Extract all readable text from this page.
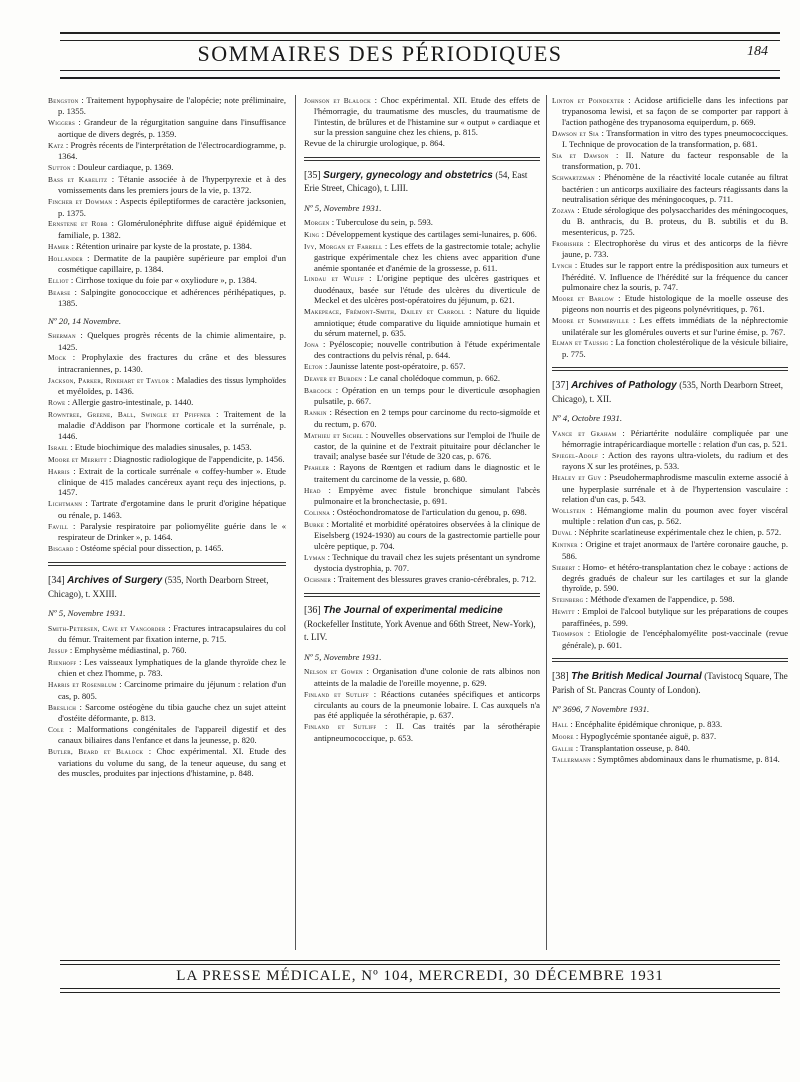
SOMMAIRES DES PÉRIODIQUES	184
Bengston : Traitement hypophysaire de l'alopécie; note préliminaire, p. 1355.
Wiggers : Grandeur de la régurgitation sanguine dans l'insuffisance aortique de divers degrés, p. 1359.
Katz : Progrès récents de l'interprétation de l'électrocardiogramme, p. 1364.
Sutton : Douleur cardiaque, p. 1369.
Bass et Karelitz : Tétanie associée à de l'hyperpyrexie et à des vomissements dans les premiers jours de la vie, p. 1372.
Fincher et Dowman : Aspects épileptiformes de caractère jacksonien, p. 1375.
Ernstene et Robb : Glomérulonéphrite diffuse aiguë épidémique et familiale, p. 1382.
Hamer : Rétention urinaire par kyste de la prostate, p. 1384.
Hollander : Dermatite de la paupière supérieure par emploi d'un cosmétique capillaire, p. 1384.
Elliot : Cirrhose toxique du foie par « oxyliodure », p. 1384.
Bearse : Salpingite gonococcique et adhérences périhépatiques, p. 1385.
Nº 20, 14 Novembre.
Sherman : Quelques progrès récents de la chimie alimentaire, p. 1425.
Mock : Prophylaxie des fractures du crâne et des blessures intracraniennes, p. 1430.
Jackson, Parker, Rinehart et Taylor : Maladies des tissus lymphoïdes et myéloïdes, p. 1436.
Rowe : Allergie gastro-intestinale, p. 1440.
Rowntree, Greene, Ball, Swingle et Pfiffner : Traitement de la maladie d'Addison par l'hormone corticale et la surrénale, p. 1446.
Israel : Etude biochimique des maladies sinusales, p. 1453.
Moore et Merritt : Diagnostic radiologique de l'appendicite, p. 1456.
Harris : Extrait de la corticale surrénale « coffey-humber ». Etude clinique de 415 malades cancéreux ayant reçu des injections, p. 1457.
Lichtmann : Tartrate d'ergotamine dans le prurit d'origine hépatique ou rénale, p. 1463.
Favill : Paralysie respiratoire par poliomyélite guérie dans le « respirateur de Drinker », p. 1464.
Bisgard : Ostéome spécial pour dissection, p. 1465.
[34] Archives of Surgery (535, North Dearborn Street, Chicago), t. XXIII.
Nº 5, Novembre 1931.
Smith-Petersen, Cave et Vangorder : Fractures intracapsulaires du col du fémur. Traitement par fixation interne, p. 715.
Jessup : Emphysème médiastinal, p. 760.
Rienhoff : Les vaisseaux lymphatiques de la glande thyroïde chez le chien et chez l'homme, p. 783.
Harris et Rosenblum : Carcinome primaire du jéjunum : relation d'un cas, p. 805.
Breslich : Sarcome ostéogène du tibia gauche chez un sujet atteint d'ostéite déformante, p. 813.
Cole : Malformations congénitales de l'appareil digestif et des canaux biliaires dans l'enfance et dans la jeunesse, p. 820.
Butler, Beard et Blalock : Choc expérimental. XI. Etude des variations du volume du sang, de la teneur aqueuse, du sang et des muscles, produites par injections d'histamine, p. 848.
Johnson et Blalock : Choc expérimental. XII. Etude des effets de l'hémorragie, du traumatisme des muscles, du traumatisme de l'intestin, de brûlures et de l'histamine sur « output » cardiaque et sur la pression sanguine chez les chiens, p. 815.
Revue de la chirurgie urologique, p. 864.
[35] Surgery, gynecology and obstetrics (54, East Erie Street, Chicago), t. LIII.
Nº 5, Novembre 1931.
Morgen : Tuberculose du sein, p. 593.
King : Développement kystique des cartilages semi-lunaires, p. 606.
Ivy, Morgan et Farrell : Les effets de la gastrectomie totale; achylie gastrique expérimentale chez les chiens avec apparition d'une anémie spontanée et d'anémie de la grossesse, p. 611.
Lindau et Wulff : L'origine peptique des ulcères gastriques et duodénaux, basée sur l'étude des ulcères du diverticule de Meckel et des ulcères post-opératoires du jéjunum, p. 621.
Makepeace, Frémont-Smith, Dailey et Carroll : Nature du liquide amniotique; étude comparative du liquide amniotique humain et du sérum maternel, p. 635.
Jona : Pyéloscopie; nouvelle contribution à l'étude expérimentale des contractions du pelvis rénal, p. 644.
Elton : Jaunisse latente post-opératoire, p. 657.
Deaver et Burden : Le canal cholédoque commun, p. 662.
Babcock : Opération en un temps pour le diverticule œsophagien pulsatile, p. 667.
Rankin : Résection en 2 temps pour carcinome du recto-sigmoïde et du rectum, p. 670.
Mathieu et Sichel : Nouvelles observations sur l'emploi de l'huile de castor, de la quinine et de l'extrait pituitaire pour déclancher le travail; analyse basée sur l'étude de 320 cas, p. 676.
Pfahler : Rayons de Rœntgen et radium dans le diagnostic et le traitement du carcinome de la vessie, p. 680.
Head : Empyème avec fistule bronchique simulant l'abcès pulmonaire et la bronchectasie, p. 691.
Colinna : Ostéochondromatose de l'articulation du genou, p. 698.
Burke : Mortalité et morbidité opératoires observées à la clinique de Eiselsberg (1924-1930) au cours de la gastrectomie partielle pour ulcère peptique, p. 704.
Lyman : Technique du travail chez les sujets présentant un syndrome dystocia dystrophia, p. 707.
Ochsner : Traitement des blessures graves cranio-cérébrales, p. 712.
[36] The Journal of experimental medicine (Rockefeller Institute, York Avenue and 66th Street, New-York), t. LIV.
Nº 5, Novembre 1931.
Nelson et Gowen : Organisation d'une colonie de rats albinos non atteints de la maladie de l'oreille moyenne, p. 629.
Finland et Sutliff : Réactions cutanées spécifiques et anticorps circulants au cours de la pneumonie lobaire. I. Cas auxquels n'a pas été appliquée la sérothérapie, p. 637.
Finland et Sutliff : II. Cas traités par la sérothérapie antipneumococcique, p. 653.
Linton et Poindexter : Acidose artificielle dans les infections par trypanosoma lewisi, et sa façon de se comporter par rapport à l'action pathogène des trypanosoma equiperdum, p. 669.
Dawson et Sia : Transformation in vitro des types pneumococciques. I. Technique de provocation de la transformation, p. 681.
Sia et Dawson : II. Nature du facteur responsable de la transformation, p. 701.
Schwartzman : Phénomène de la réactivité locale cutanée au filtrat bactérien : un anticorps auxiliaire des facteurs réagissants dans la neutralisation sérique des méningocoques, p. 711.
Zozaya : Etude sérologique des polysaccharides des méningocoques, du B. anthracis, du B. proteus, du B. subtilis et du B. mesentericus, p. 725.
Frobisher : Electrophorèse du virus et des anticorps de la fièvre jaune, p. 733.
Lynch : Etudes sur le rapport entre la prédisposition aux tumeurs et l'hérédité. V. Influence de l'hérédité sur la fréquence du cancer pulmonaire chez la souris, p. 747.
Moore et Barlow : Etude histologique de la moelle osseuse des pigeons non nourris et des pigeons polynévritiques, p. 761.
Moore et Summerville : Les effets immédiats de la néphrectomie unilatérale sur les glomérules ouverts et sur l'urine émise, p. 767.
Elman et Taussig : La fonction cholestérolique de la vésicule biliaire, p. 775.
[37] Archives of Pathology (535, North Dearborn Street, Chicago), t. XII.
Nº 4, Octobre 1931.
Vance et Graham : Périartérite noduláire compliquée par une hémorragie intrapéricardiaque mortelle : relation d'un cas, p. 521.
Spiegel-Adolf : Action des rayons ultra-violets, du radium et des rayons X sur les protéines, p. 533.
Healey et Guy : Pseudohermaphrodisme masculin externe associé à une hyperplasie surrénale et à de l'hypertension vasculaire : relation d'un cas, p. 543.
Wollstein : Hémangiome malin du poumon avec foyer viscéral multiple : relation d'un cas, p. 562.
Duval : Néphrite scarlatineuse expérimentale chez le chien, p. 572.
Kintner : Origine et trajet anormaux de l'artère coronaire gauche, p. 586.
Siebert : Homo- et hétéro-transplantation chez le cobaye : actions de degrés gradués de chaleur sur les cartilages et sur la glande thyroïde, p. 590.
Steinberg : Méthode d'examen de l'appendice, p. 598.
Hewitt : Emploi de l'alcool butylique sur les préparations de coupes paraffinées, p. 599.
Thompson : Etiologie de l'encéphalomyélite post-vaccinale (revue générale), p. 601.
[38] The British Medical Journal (Tavistocq Square, The Parish of St. Pancras County of London).
Nº 3696, 7 Novembre 1931.
Hall : Encéphalite épidémique chronique, p. 833.
Moore : Hypoglycémie spontanée aiguë, p. 837.
Gallie : Transplantation osseuse, p. 840.
Tallermann : Symptômes abdominaux dans le rhumatisme, p. 814.
LA PRESSE MÉDICALE, Nº 104, MERCREDI, 30 DÉCEMBRE 1931
